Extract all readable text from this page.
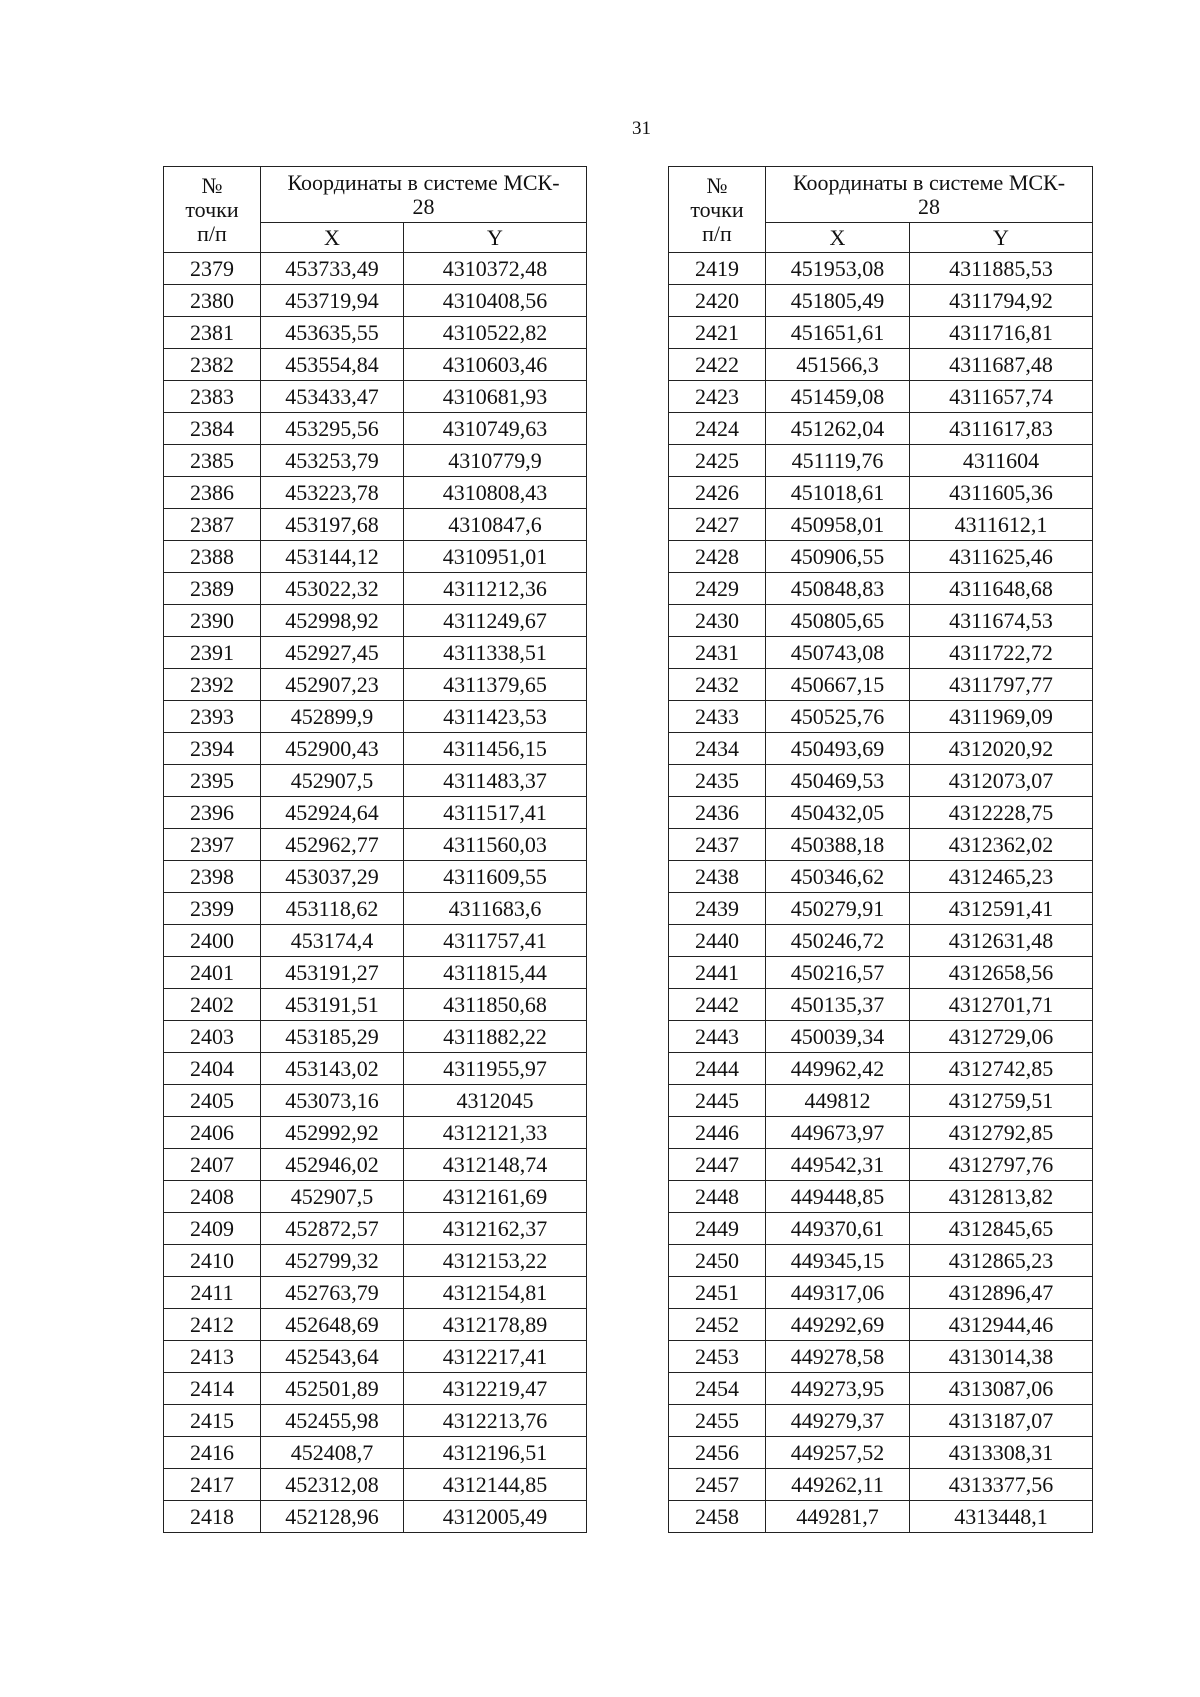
31
№
точки
п/п	Координаты в системе МСК-
28	

	X	Y
2379	453733,49	4310372,48
2380	453719,94	4310408,56
2381	453635,55	4310522,82
2382	453554,84	4310603,46
2383	453433,47	4310681,93
2384	453295,56	4310749,63
2385	453253,79	4310779,9
2386	453223,78	4310808,43
2387	453197,68	4310847,6
2388	453144,12	4310951,01
2389	453022,32	4311212,36
2390	452998,92	4311249,67
2391	452927,45	4311338,51
2392	452907,23	4311379,65
2393	452899,9	4311423,53
2394	452900,43	4311456,15
2395	452907,5	4311483,37
2396	452924,64	4311517,41
2397	452962,77	4311560,03
2398	453037,29	4311609,55
2399	453118,62	4311683,6
2400	453174,4	4311757,41
2401	453191,27	4311815,44
2402	453191,51	4311850,68
2403	453185,29	4311882,22
2404	453143,02	4311955,97
2405	453073,16	4312045
2406	452992,92	4312121,33
2407	452946,02	4312148,74
2408	452907,5	4312161,69
2409	452872,57	4312162,37
2410	452799,32	4312153,22
2411	452763,79	4312154,81
2412	452648,69	4312178,89
2413	452543,64	4312217,41
2414	452501,89	4312219,47
2415	452455,98	4312213,76
2416	452408,7	4312196,51
2417	452312,08	4312144,85
2418	452128,96	4312005,49
№
точки
п/п	Координаты в системе МСК-
28	

	X	Y
2419	451953,08	4311885,53
2420	451805,49	4311794,92
2421	451651,61	4311716,81
2422	451566,3	4311687,48
2423	451459,08	4311657,74
2424	451262,04	4311617,83
2425	451119,76	4311604
2426	451018,61	4311605,36
2427	450958,01	4311612,1
2428	450906,55	4311625,46
2429	450848,83	4311648,68
2430	450805,65	4311674,53
2431	450743,08	4311722,72
2432	450667,15	4311797,77
2433	450525,76	4311969,09
2434	450493,69	4312020,92
2435	450469,53	4312073,07
2436	450432,05	4312228,75
2437	450388,18	4312362,02
2438	450346,62	4312465,23
2439	450279,91	4312591,41
2440	450246,72	4312631,48
2441	450216,57	4312658,56
2442	450135,37	4312701,71
2443	450039,34	4312729,06
2444	449962,42	4312742,85
2445	449812	4312759,51
2446	449673,97	4312792,85
2447	449542,31	4312797,76
2448	449448,85	4312813,82
2449	449370,61	4312845,65
2450	449345,15	4312865,23
2451	449317,06	4312896,47
2452	449292,69	4312944,46
2453	449278,58	4313014,38
2454	449273,95	4313087,06
2455	449279,37	4313187,07
2456	449257,52	4313308,31
2457	449262,11	4313377,56
2458	449281,7	4313448,1
